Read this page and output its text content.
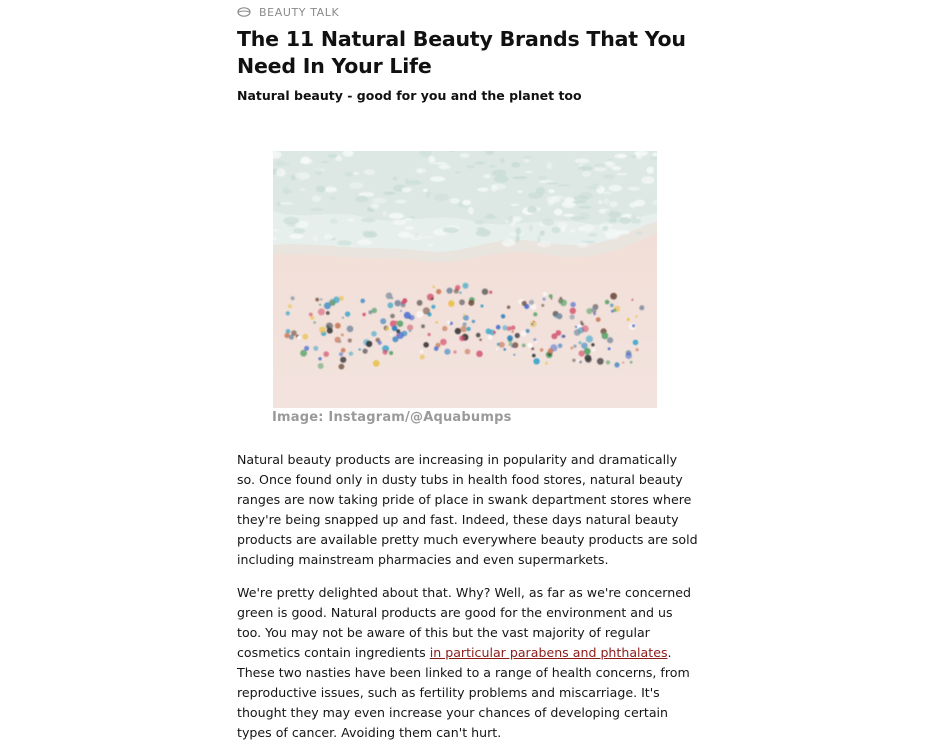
BEAUTY TALK
The 11 Natural Beauty Brands That You Need In Your Life
Natural beauty - good for you and the planet too
Image: Instagram/@Aquabumps

Natural beauty products are increasing in popularity and dramatically so. Once found only in dusty tubs in health food stores, natural beauty ranges are now taking pride of place in swank department stores where they're being snapped up and fast. Indeed, these days natural beauty products are available pretty much everywhere beauty products are sold including mainstream pharmacies and even supermarkets.

We're pretty delighted about that. Why? Well, as far as we're concerned green is good. Natural products are good for the environment and us too. You may not be aware of this but the vast majority of regular cosmetics contain ingredients in particular parabens and phthalates. These two nasties have been linked to a range of health concerns, from reproductive issues, such as fertility problems and miscarriage. It's thought they may even increase your chances of developing certain types of cancer. Avoiding them can't hurt.
